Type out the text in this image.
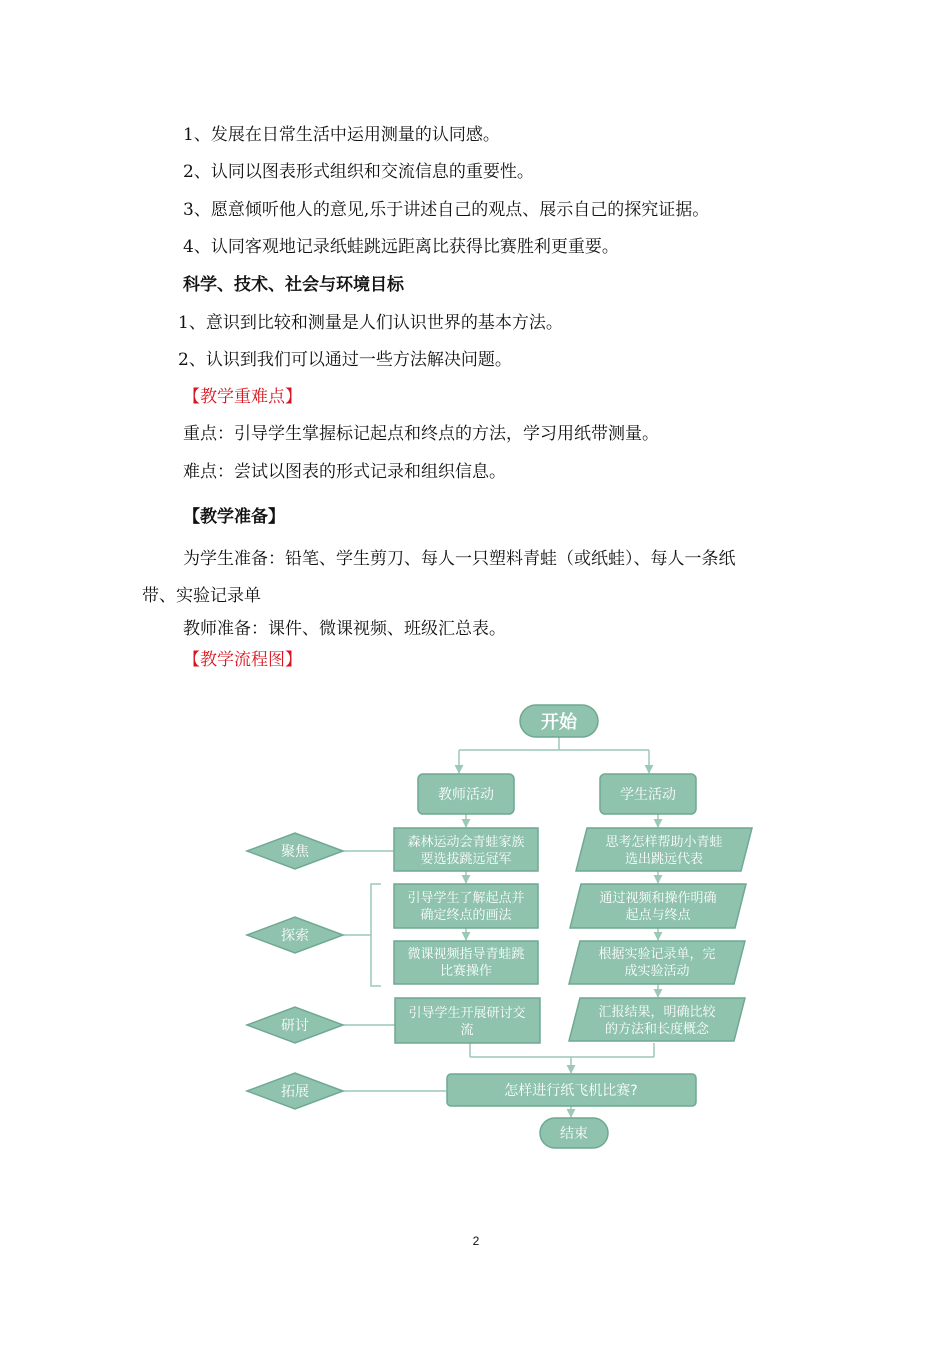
1、发展在日常生活中运用测量的认同感。
2、认同以图表形式组织和交流信息的重要性。
3、愿意倾听他人的意见,乐于讲述自己的观点、展示自己的探究证据。
4、认同客观地记录纸蛙跳远距离比获得比赛胜利更重要。
科学、技术、社会与环境目标
1、意识到比较和测量是人们认识世界的基本方法。
2、认识到我们可以通过一些方法解决问题。
【教学重难点】
重点：引导学生掌握标记起点和终点的方法，学习用纸带测量。
难点：尝试以图表的形式记录和组织信息。
【教学准备】
为学生准备：铅笔、学生剪刀、每人一只塑料青蛙（或纸蛙）、每人一条纸
带、实验记录单
教师准备：课件、微课视频、班级汇总表。
【教学流程图】
开始
结束
教师活动	学生活动
聚焦
探索
研讨
拓展
森林运动会青蛙家族
要选拔跳远冠军
引导学生了解起点并
确定终点的画法
微课视频指导青蛙跳
比赛操作
引导学生开展研讨交
流
思考怎样帮助小青蛙
选出跳远代表
通过视频和操作明确
起点与终点
根据实验记录单，完
成实验活动
汇报结果，明确比较
的方法和长度概念
怎样进行纸飞机比赛?
2
